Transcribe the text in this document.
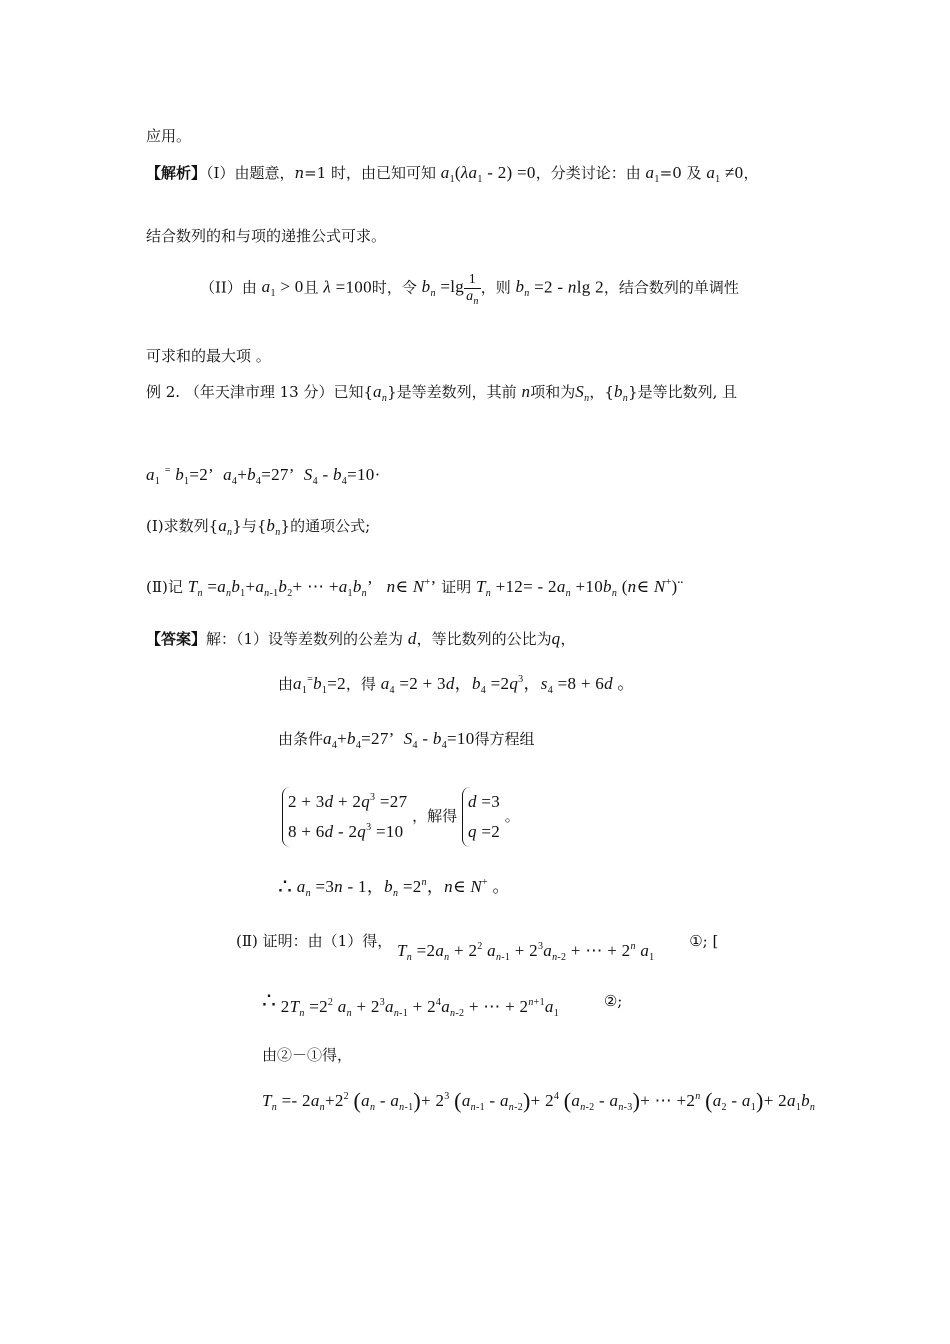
应用。
【解析】（I）由题意，n=1 时，由已知可知 $a_1(\lambda a_1 - 2) =0$，分类讨论：由 $a_1=0$ 及 $a_1 \ne 0$，
结合数列的和与项的递推公式可求。
（II）由 $a_1 > 0$且 λ =100时，令 $b_n =\lg \frac{1}{a_n}$ ，则 $b_n =2 - nlg$ 2，结合数列的单调性
可求和的最大项 。
例 2. （年天津市理 13 分）已知$\{a_n\}$是等差数列，其前 n项和为$S_n$，$\{b_n\}$是等比数列, 且
$a_1$ = $b_1=2$’  $a_4+b_4=27$’  $S_4 - b_4=10\cdot$
(Ⅰ)求数列$\{a_n\}$与$\{b_n\}$的通项公式;
(Ⅱ)记 $T_n =a_nb_1+a_{n-1}b_2+$ ⋯ $+a_1b_n$’   n∈ N+’ 证明 $T_n +12= - 2a_n +10b_n$ (n∈ N+)¨
【答案】解：（1）设等差数列的公差为 d，等比数列的公比为q，
由$a_1^=b_1=2$，得 $a_4 =2 + 3d$，$b_4 =2q^3$，$s_4 =8 + 6d$ 。
由条件$a_4+b_4=27$’  $S_4 - b_4=10$得方程组
$2 + 3d + 2q^3 =27$
$8 + 6d - 2q^3 =10$ ，解得 d =3
q =2 。
∴ $a_n =3n - 1$，$b_n =2^n$，n∈ N+ 。
(Ⅱ) 证明：由（1）得， $T_n =2a_n + 2^2$ $a_{n-1} + 2^3a_{n-2}$ + ⋯ + $2^n$ $a_1$ ①; [
∴ $2T_n =2^2$ $a_n + 2^3a_{n-1} + 2^4a_{n-2}$ + ⋯ + $2^{n+1}a_1$ ②;
由②－①得，
$T_n =- 2a_n+2^2$ $(a_n - a_{n-1})+ 2^3$ $(a_{n-1} - a_{n-2})+ 2^4$ $(a_{n-2} - a_{n-3})+$ ⋯ $+2^n$ $(a_2 - a_1)+ 2a_1b_n$
